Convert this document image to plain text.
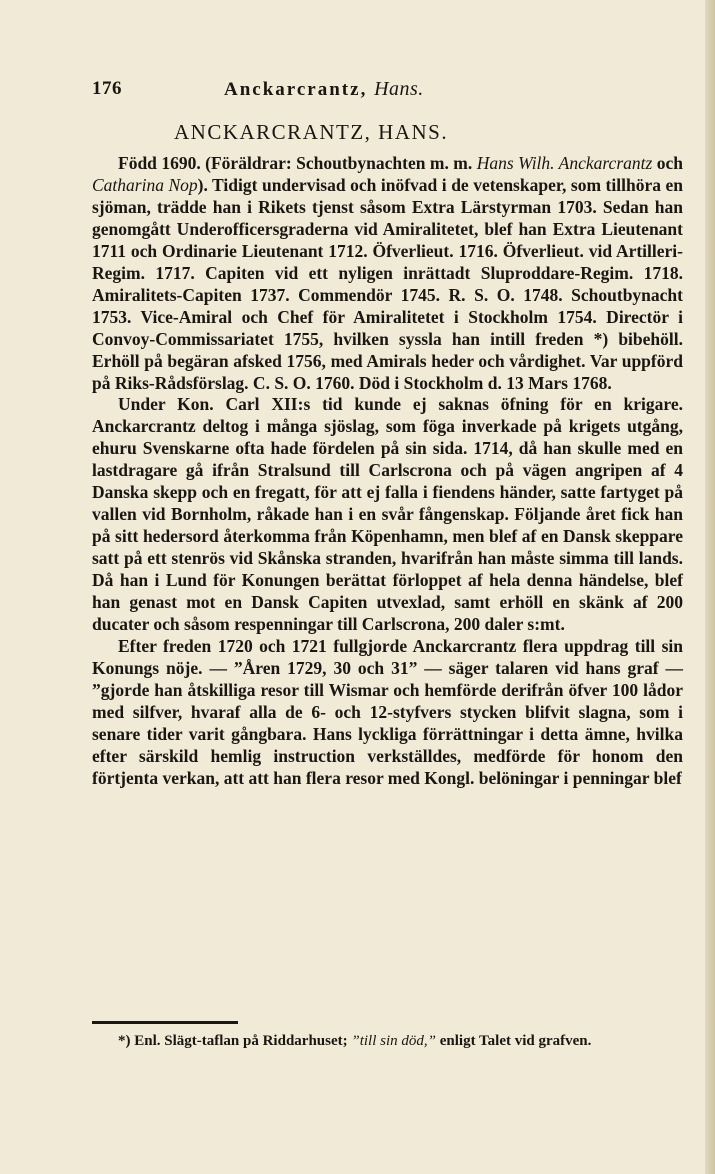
176	Anckarcrantz, Hans.
ANCKARCRANTZ, HANS.

Född 1690. (Föräldrar: Schoutbynachten m. m. Hans Wilh. Anckarcrantz och Catharina Nop). Tidigt undervisad och inöfvad i de vetenskaper, som tillhöra en sjöman, trädde han i Rikets tjenst såsom Extra Lärstyrman 1703. Sedan han genomgått Underofficersgraderna vid Amiralitetet, blef han Extra Lieutenant 1711 och Ordinarie Lieutenant 1712. Öfverlieut. 1716. Öfverlieut. vid Artilleri-Regim. 1717. Capiten vid ett nyligen inrättadt Sluproddare-Regim. 1718. Amiralitets-Capiten 1737. Commendör 1745. R. S. O. 1748. Schoutbynacht 1753. Vice-Amiral och Chef för Amiralitetet i Stockholm 1754. Directör i Convoy-Commissariatet 1755, hvilken syssla han intill freden *) bibehöll. Erhöll på begäran afsked 1756, med Amirals heder och vårdighet. Var uppförd på Riks-Rådsförslag. C. S. O. 1760. Död i Stockholm d. 13 Mars 1768.

Under Kon. Carl XII:s tid kunde ej saknas öfning för en krigare. Anckarcrantz deltog i många sjöslag, som föga inverkade på krigets utgång, ehuru Svenskarne ofta hade fördelen på sin sida. 1714, då han skulle med en lastdragare gå ifrån Stralsund till Carlscrona och på vägen angripen af 4 Danska skepp och en fregatt, för att ej falla i fiendens händer, satte fartyget på vallen vid Bornholm, råkade han i en svår fångenskap. Följande året fick han på sitt hedersord återkomma från Köpenhamn, men blef af en Dansk skeppare satt på ett stenrös vid Skånska stranden, hvarifrån han måste simma till lands. Då han i Lund för Konungen berättat förloppet af hela denna händelse, blef han genast mot en Dansk Capiten utvexlad, samt erhöll en skänk af 200 ducater och såsom respenningar till Carlscrona, 200 daler s:mt.

Efter freden 1720 och 1721 fullgjorde Anckarcrantz flera uppdrag till sin Konungs nöje. — ”Åren 1729, 30 och 31” — säger talaren vid hans graf — ”gjorde han åtskilliga resor till Wismar och hemförde derifrån öfver 100 lådor med silfver, hvaraf alla de 6- och 12-styfvers stycken blifvit slagna, som i senare tider varit gångbara. Hans lyckliga förrättningar i detta ämne, hvilka efter särskild hemlig instruction verkställdes, medförde för honom den förtjenta verkan, att att han flera resor med Kongl. belöningar i penningar blef

*) Enl. Slägt-taflan på Riddarhuset; ”till sin död,” enligt Talet vid grafven.
